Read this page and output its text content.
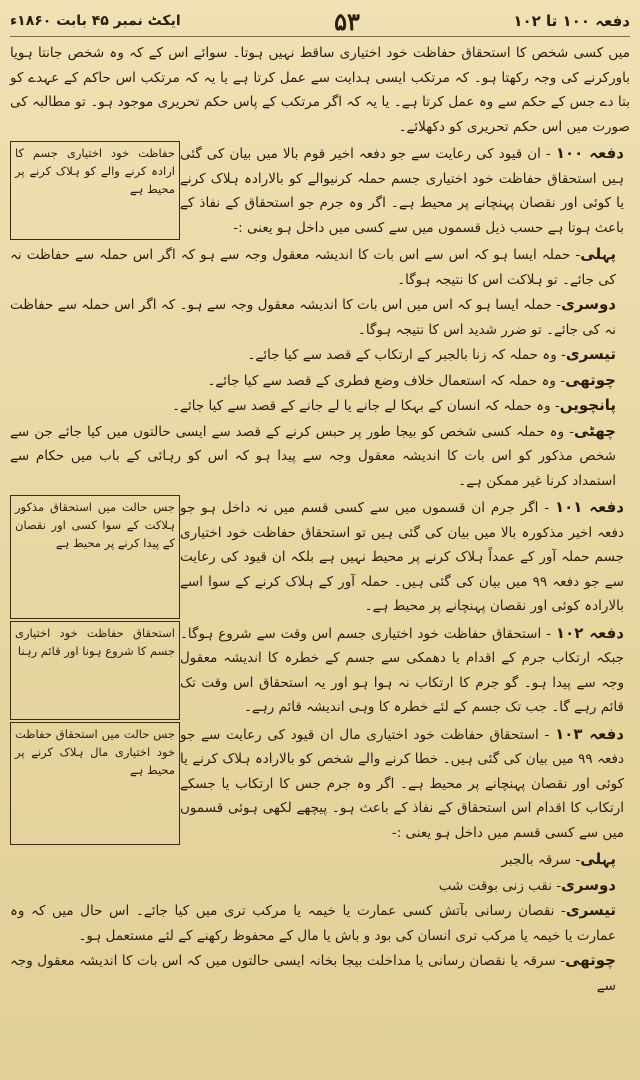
ایکٹ نمبر ۴۵ بابت ۱۸۶۰ء	۵۳	دفعہ ۱۰۰ تا ۱۰۲

میں کسی شخص کا استحقاق حفاظت خود اختیاری ساقط نہیں ہوتا۔ سوائے اس کے کہ وہ شخص جانتا ہویا باورکرنے کی وجہ رکھتا ہو۔ کہ مرتکب ایسی ہدایت سے عمل کرتا ہے یا یہ کہ مرتکب اس حاکم کے عہدے کو بتا دے جس کے حکم سے وہ عمل کرتا ہے۔ یا یہ کہ اگر مرتکب کے پاس حکم تحریری موجود ہو۔ تو مطالبہ کی صورت میں اس حکم تحریری کو دکھلائے۔

دفعہ ۱۰۰ - ان قیود کی رعایت سے جو دفعہ اخیر قوم بالا میں بیان کی گئی ہیں استحقاق حفاظت خود اختیاری جسم حملہ کرنیوالے کو بالارادہ ہلاک کرنے یا کوئی اور نقصان پہنچانے پر محیط ہے۔ اگر وہ جرم جو استحقاق کے نفاذ کے باعث ہوتا ہے حسب ذیل قسموں میں سے کسی میں داخل ہو یعنی :-
حفاظت خود اختیاری جسم کا ارادہ کرنے والے کو ہلاک کرنے پر محیط ہے

پہلی- حملہ ایسا ہو کہ اس سے اس بات کا اندیشہ معقول وجہ سے ہو کہ اگر اس حملہ سے حفاظت نہ کی جائے۔ تو ہلاکت اس کا نتیجہ ہوگا۔

دوسری- حملہ ایسا ہو کہ اس میں اس بات کا اندیشہ معقول وجہ سے ہو۔ کہ اگر اس حملہ سے حفاظت نہ کی جائے۔ تو ضرر شدید اس کا نتیجہ ہوگا۔

تیسری- وہ حملہ کہ زنا بالجبر کے ارتکاب کے قصد سے کیا جائے۔

چوتھی- وہ حملہ کہ استعمال خلاف وضع فطری کے قصد سے کیا جائے۔

پانچویں- وہ حملہ کہ انسان کے بہکا لے جانے یا لے جانے کے قصد سے کیا جائے۔

چھٹی- وہ حملہ کسی شخص کو بیجا طور پر حبس کرنے کے قصد سے ایسی حالتوں میں کیا جائے جن سے شخص مذکور کو اس بات کا اندیشہ معقول وجہ سے پیدا ہو کہ اس کو رہائی کے باب میں حکام سے استمداد کرنا غیر ممکن ہے۔

دفعہ ۱۰۱ - اگر جرم ان قسموں میں سے کسی قسم میں نہ داخل ہو جو دفعہ اخیر مذکورہ بالا میں بیان کی گئی ہیں تو استحقاق حفاظت خود اختیاری جسم حملہ آور کے عمداً ہلاک کرنے پر محیط نہیں ہے بلکہ ان قیود کی رعایت سے جو دفعہ ۹۹ میں بیان کی گئی ہیں۔ حملہ آور کے ہلاک کرنے کے سوا اسے بالارادہ کوئی اور نقصان پہنچانے پر محیط ہے۔
جس حالت میں استحقاق مذکور ہلاکت کے سوا کسی اور نقصان کے پیدا کرنے پر محیط ہے
دفعہ ۱۰۲ - استحقاق حفاظت خود اختیاری جسم اس وقت سے شروع ہوگا۔ جبکہ ارتکاب جرم کے اقدام یا دھمکی سے جسم کے خطرہ کا اندیشہ معقول وجہ سے پیدا ہو۔ گو جرم کا ارتکاب نہ ہوا ہو اور یہ استحقاق اس وقت تک قائم رہے گا۔ جب تک جسم کے لئے خطرہ کا وہی اندیشہ قائم رہے۔
استحقاق حفاظت خود اختیاری جسم کا شروع ہونا اور قائم رہنا
دفعہ ۱۰۳ - استحقاق حفاظت خود اختیاری مال ان قیود کی رعایت سے جو دفعہ ۹۹ میں بیان کی گئی ہیں۔ خطا کرنے والے شخص کو بالارادہ ہلاک کرنے یا کوئی اور نقصان پہنچانے پر محیط ہے۔ اگر وہ جرم جس کا ارتکاب یا جسکے ارتکاب کا اقدام اس استحقاق کے نفاذ کے باعث ہو۔ پیچھے لکھی ہوئی قسموں میں سے کسی قسم میں داخل ہو یعنی :-
جس حالت میں استحقاق حفاظت خود اختیاری مال ہلاک کرنے پر محیط ہے

پہلی- سرقہ بالجبر

دوسری- نقب زنی بوقت شب

تیسری- نقصان رسانی بآتش کسی عمارت یا خیمہ یا مرکب تری میں کیا جائے۔ اس حال میں کہ وہ عمارت یا خیمہ یا مرکب تری انسان کی بود و باش یا مال کے محفوظ رکھنے کے لئے مستعمل ہو۔

چوتھی- سرقہ یا نقصان رسانی یا مداخلت بیجا بخانہ ایسی حالتوں میں کہ اس بات کا اندیشہ معقول وجہ سے
